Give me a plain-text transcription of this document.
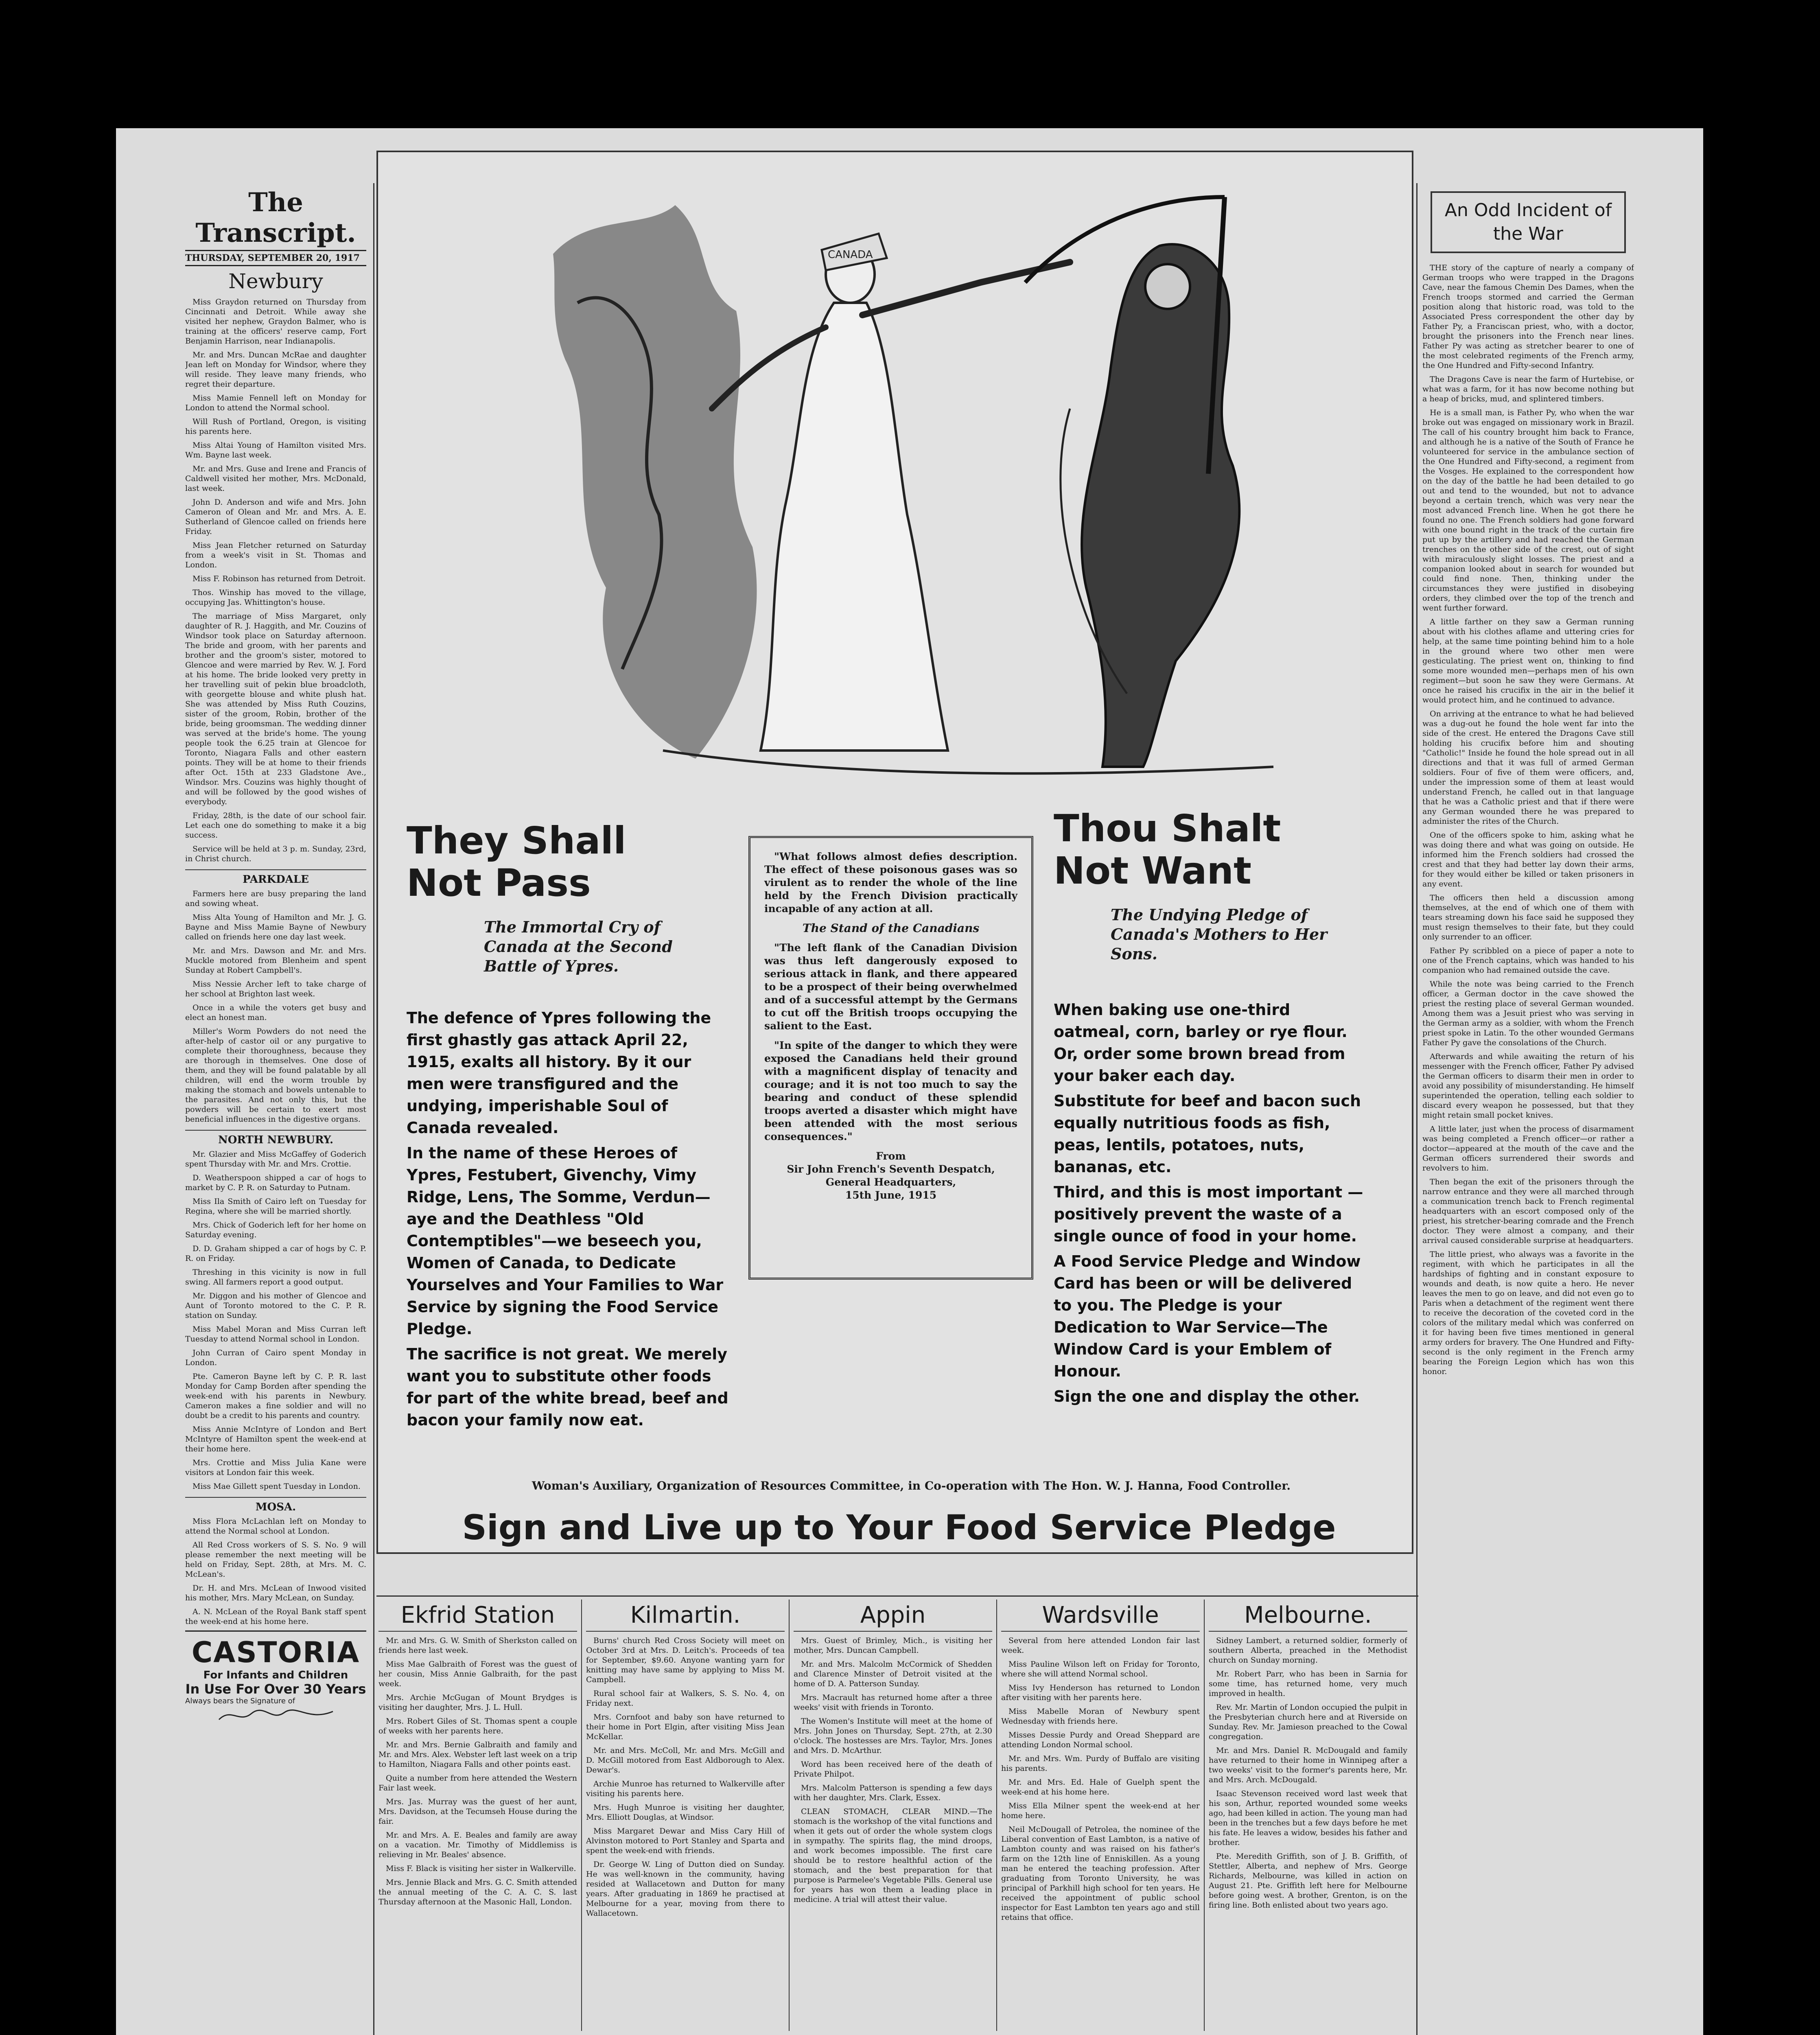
The Transcript.
THURSDAY, SEPTEMBER 20, 1917
Newbury

Miss Graydon returned on Thursday from Cincinnati and Detroit. While away she visited her nephew, Graydon Balmer, who is training at the officers' reserve camp, Fort Benjamin Harrison, near Indianapolis.

Mr. and Mrs. Duncan McRae and daughter Jean left on Monday for Windsor, where they will reside. They leave many friends, who regret their departure.

Miss Mamie Fennell left on Monday for London to attend the Normal school.

Will Rush of Portland, Oregon, is visiting his parents here.

Miss Altai Young of Hamilton visited Mrs. Wm. Bayne last week.

Mr. and Mrs. Guse and Irene and Francis of Caldwell visited her mother, Mrs. McDonald, last week.

John D. Anderson and wife and Mrs. John Cameron of Olean and Mr. and Mrs. A. E. Sutherland of Glencoe called on friends here Friday.

Miss Jean Fletcher returned on Saturday from a week's visit in St. Thomas and London.

Miss F. Robinson has returned from Detroit.

Thos. Winship has moved to the village, occupying Jas. Whittington's house.

The marriage of Miss Margaret, only daughter of R. J. Haggith, and Mr. Couzins of Windsor took place on Saturday afternoon. The bride and groom, with her parents and brother and the groom's sister, motored to Glencoe and were married by Rev. W. J. Ford at his home. The bride looked very pretty in her travelling suit of pekin blue broadcloth, with georgette blouse and white plush hat. She was attended by Miss Ruth Couzins, sister of the groom, Robin, brother of the bride, being groomsman. The wedding dinner was served at the bride's home. The young people took the 6.25 train at Glencoe for Toronto, Niagara Falls and other eastern points. They will be at home to their friends after Oct. 15th at 233 Gladstone Ave., Windsor. Mrs. Couzins was highly thought of and will be followed by the good wishes of everybody.

Friday, 28th, is the date of our school fair. Let each one do something to make it a big success.

Service will be held at 3 p. m. Sunday, 23rd, in Christ church.

PARKDALE

Farmers here are busy preparing the land and sowing wheat.

Miss Alta Young of Hamilton and Mr. J. G. Bayne and Miss Mamie Bayne of Newbury called on friends here one day last week.

Mr. and Mrs. Dawson and Mr. and Mrs. Muckle motored from Blenheim and spent Sunday at Robert Campbell's.

Miss Nessie Archer left to take charge of her school at Brighton last week.

Once in a while the voters get busy and elect an honest man.

Miller's Worm Powders do not need the after-help of castor oil or any purgative to complete their thoroughness, because they are thorough in themselves. One dose of them, and they will be found palatable by all children, will end the worm trouble by making the stomach and bowels untenable to the parasites. And not only this, but the powders will be certain to exert most beneficial influences in the digestive organs.

NORTH NEWBURY.

Mr. Glazier and Miss McGaffey of Goderich spent Thursday with Mr. and Mrs. Crottie.

D. Weatherspoon shipped a car of hogs to market by C. P. R. on Saturday to Putnam.

Miss Ila Smith of Cairo left on Tuesday for Regina, where she will be married shortly.

Mrs. Chick of Goderich left for her home on Saturday evening.

D. D. Graham shipped a car of hogs by C. P. R. on Friday.

Threshing in this vicinity is now in full swing. All farmers report a good output.

Mr. Diggon and his mother of Glencoe and Aunt of Toronto motored to the C. P. R. station on Sunday.

Miss Mabel Moran and Miss Curran left Tuesday to attend Normal school in London.

John Curran of Cairo spent Monday in London.

Pte. Cameron Bayne left by C. P. R. last Monday for Camp Borden after spending the week-end with his parents in Newbury. Cameron makes a fine soldier and will no doubt be a credit to his parents and country.

Miss Annie McIntyre of London and Bert McIntyre of Hamilton spent the week-end at their home here.

Mrs. Crottie and Miss Julia Kane were visitors at London fair this week.

Miss Mae Gillett spent Tuesday in London.

MOSA.

Miss Flora McLachlan left on Monday to attend the Normal school at London.

All Red Cross workers of S. S. No. 9 will please remember the next meeting will be held on Friday, Sept. 28th, at Mrs. M. C. McLean's.

Dr. H. and Mrs. McLean of Inwood visited his mother, Mrs. Mary McLean, on Sunday.

A. N. McLean of the Royal Bank staff spent the week-end at his home here.

CASTORIA
For Infants and Children
In Use For Over 30 Years
Always bears the Signature of
CANADA
They Shall Not Pass
The Immortal Cry of Canada at the Second Battle of Ypres.

The defence of Ypres following the first ghastly gas attack April 22, 1915, exalts all history. By it our men were transfigured and the undying, imperishable Soul of Canada revealed.

In the name of these Heroes of Ypres, Festubert, Givenchy, Vimy Ridge, Lens, The Somme, Verdun—aye and the Deathless "Old Contemptibles"—we beseech you, Women of Canada, to Dedicate Yourselves and Your Families to War Service by signing the Food Service Pledge.

The sacrifice is not great. We merely want you to substitute other foods for part of the white bread, beef and bacon your family now eat.

"What follows almost defies description. The effect of these poisonous gases was so virulent as to render the whole of the line held by the French Division practically incapable of any action at all.

The Stand of the Canadians

"The left flank of the Canadian Division was thus left dangerously exposed to serious attack in flank, and there appeared to be a prospect of their being overwhelmed and of a successful attempt by the Germans to cut off the British troops occupying the salient to the East.

"In spite of the danger to which they were exposed the Canadians held their ground with a magnificent display of tenacity and courage; and it is not too much to say the bearing and conduct of these splendid troops averted a disaster which might have been attended with the most serious consequences."

From

Sir John French's Seventh Despatch,

General Headquarters,

15th June, 1915

Thou Shalt Not Want
The Undying Pledge of Canada's Mothers to Her Sons.

When baking use one-third oatmeal, corn, barley or rye flour. Or, order some brown bread from your baker each day.

Substitute for beef and bacon such equally nutritious foods as fish, peas, lentils, potatoes, nuts, bananas, etc.

Third, and this is most important — positively prevent the waste of a single ounce of food in your home.

A Food Service Pledge and Window Card has been or will be delivered to you. The Pledge is your Dedication to War Service—The Window Card is your Emblem of Honour.

Sign the one and display the other.

Woman's Auxiliary, Organization of Resources Committee, in Co-operation with The Hon. W. J. Hanna, Food Controller.
Sign and Live up to Your Food Service Pledge
An Odd Incident of the War

THE story of the capture of nearly a company of German troops who were trapped in the Dragons Cave, near the famous Chemin Des Dames, when the French troops stormed and carried the German position along that historic road, was told to the Associated Press correspondent the other day by Father Py, a Franciscan priest, who, with a doctor, brought the prisoners into the French near lines. Father Py was acting as stretcher bearer to one of the most celebrated regiments of the French army, the One Hundred and Fifty-second Infantry.

The Dragons Cave is near the farm of Hurtebise, or what was a farm, for it has now become nothing but a heap of bricks, mud, and splintered timbers.

He is a small man, is Father Py, who when the war broke out was engaged on missionary work in Brazil. The call of his country brought him back to France, and although he is a native of the South of France he volunteered for service in the ambulance section of the One Hundred and Fifty-second, a regiment from the Vosges. He explained to the correspondent how on the day of the battle he had been detailed to go out and tend to the wounded, but not to advance beyond a certain trench, which was very near the most advanced French line. When he got there he found no one. The French soldiers had gone forward with one bound right in the track of the curtain fire put up by the artillery and had reached the German trenches on the other side of the crest, out of sight with miraculously slight losses. The priest and a companion looked about in search for wounded but could find none. Then, thinking under the circumstances they were justified in disobeying orders, they climbed over the top of the trench and went further forward.

A little farther on they saw a German running about with his clothes aflame and uttering cries for help, at the same time pointing behind him to a hole in the ground where two other men were gesticulating. The priest went on, thinking to find some more wounded men—perhaps men of his own regiment—but soon he saw they were Germans. At once he raised his crucifix in the air in the belief it would protect him, and he continued to advance.

On arriving at the entrance to what he had believed was a dug-out he found the hole went far into the side of the crest. He entered the Dragons Cave still holding his crucifix before him and shouting "Catholic!" Inside he found the hole spread out in all directions and that it was full of armed German soldiers. Four of five of them were officers, and, under the impression some of them at least would understand French, he called out in that language that he was a Catholic priest and that if there were any German wounded there he was prepared to administer the rites of the Church.

One of the officers spoke to him, asking what he was doing there and what was going on outside. He informed him the French soldiers had crossed the crest and that they had better lay down their arms, for they would either be killed or taken prisoners in any event.

The officers then held a discussion among themselves, at the end of which one of them with tears streaming down his face said he supposed they must resign themselves to their fate, but they could only surrender to an officer.

Father Py scribbled on a piece of paper a note to one of the French captains, which was handed to his companion who had remained outside the cave.

While the note was being carried to the French officer, a German doctor in the cave showed the priest the resting place of several German wounded. Among them was a Jesuit priest who was serving in the German army as a soldier, with whom the French priest spoke in Latin. To the other wounded Germans Father Py gave the consolations of the Church.

Afterwards and while awaiting the return of his messenger with the French officer, Father Py advised the German officers to disarm their men in order to avoid any possibility of misunderstanding. He himself superintended the operation, telling each soldier to discard every weapon he possessed, but that they might retain small pocket knives.

A little later, just when the process of disarmament was being completed a French officer—or rather a doctor—appeared at the mouth of the cave and the German officers surrendered their swords and revolvers to him.

Then began the exit of the prisoners through the narrow entrance and they were all marched through a communication trench back to French regimental headquarters with an escort composed only of the priest, his stretcher-bearing comrade and the French doctor. They were almost a company, and their arrival caused considerable surprise at headquarters.

The little priest, who always was a favorite in the regiment, with which he participates in all the hardships of fighting and in constant exposure to wounds and death, is now quite a hero. He never leaves the men to go on leave, and did not even go to Paris when a detachment of the regiment went there to receive the decoration of the coveted cord in the colors of the military medal which was conferred on it for having been five times mentioned in general army orders for bravery. The One Hundred and Fifty-second is the only regiment in the French army bearing the Foreign Legion which has won this honor.

Ekfrid Station

Mr. and Mrs. G. W. Smith of Sherkston called on friends here last week.

Miss Mae Galbraith of Forest was the guest of her cousin, Miss Annie Galbraith, for the past week.

Mrs. Archie McGugan of Mount Brydges is visiting her daughter, Mrs. J. L. Hull.

Mrs. Robert Giles of St. Thomas spent a couple of weeks with her parents here.

Mr. and Mrs. Bernie Galbraith and family and Mr. and Mrs. Alex. Webster left last week on a trip to Hamilton, Niagara Falls and other points east.

Quite a number from here attended the Western Fair last week.

Mrs. Jas. Murray was the guest of her aunt, Mrs. Davidson, at the Tecumseh House during the fair.

Mr. and Mrs. A. E. Beales and family are away on a vacation. Mr. Timothy of Middlemiss is relieving in Mr. Beales' absence.

Miss F. Black is visiting her sister in Walkerville.

Mrs. Jennie Black and Mrs. G. C. Smith attended the annual meeting of the C. A. C. S. last Thursday afternoon at the Masonic Hall, London.

Kilmartin.

Burns' church Red Cross Society will meet on October 3rd at Mrs. D. Leitch's. Proceeds of tea for September, $9.60. Anyone wanting yarn for knitting may have same by applying to Miss M. Campbell.

Rural school fair at Walkers, S. S. No. 4, on Friday next.

Mrs. Cornfoot and baby son have returned to their home in Port Elgin, after visiting Miss Jean McKellar.

Mr. and Mrs. McColl, Mr. and Mrs. McGill and D. McGill motored from East Aldborough to Alex. Dewar's.

Archie Munroe has returned to Walkerville after visiting his parents here.

Mrs. Hugh Munroe is visiting her daughter, Mrs. Elliott Douglas, at Windsor.

Miss Margaret Dewar and Miss Cary Hill of Alvinston motored to Port Stanley and Sparta and spent the week-end with friends.

Dr. George W. Ling of Dutton died on Sunday. He was well-known in the community, having resided at Wallacetown and Dutton for many years. After graduating in 1869 he practised at Melbourne for a year, moving from there to Wallacetown.

Appin

Mrs. Guest of Brimley, Mich., is visiting her mother, Mrs. Duncan Campbell.

Mr. and Mrs. Malcolm McCormick of Shedden and Clarence Minster of Detroit visited at the home of D. A. Patterson Sunday.

Mrs. Macrault has returned home after a three weeks' visit with friends in Toronto.

The Women's Institute will meet at the home of Mrs. John Jones on Thursday, Sept. 27th, at 2.30 o'clock. The hostesses are Mrs. Taylor, Mrs. Jones and Mrs. D. McArthur.

Word has been received here of the death of Private Philpot.

Mrs. Malcolm Patterson is spending a few days with her daughter, Mrs. Clark, Essex.

CLEAN STOMACH, CLEAR MIND.—The stomach is the workshop of the vital functions and when it gets out of order the whole system clogs in sympathy. The spirits flag, the mind droops, and work becomes impossible. The first care should be to restore healthful action of the stomach, and the best preparation for that purpose is Parmelee's Vegetable Pills. General use for years has won them a leading place in medicine. A trial will attest their value.

Wardsville

Several from here attended London fair last week.

Miss Pauline Wilson left on Friday for Toronto, where she will attend Normal school.

Miss Ivy Henderson has returned to London after visiting with her parents here.

Miss Mabelle Moran of Newbury spent Wednesday with friends here.

Misses Dessie Purdy and Oread Sheppard are attending London Normal school.

Mr. and Mrs. Wm. Purdy of Buffalo are visiting his parents.

Mr. and Mrs. Ed. Hale of Guelph spent the week-end at his home here.

Miss Ella Milner spent the week-end at her home here.

Neil McDougall of Petrolea, the nominee of the Liberal convention of East Lambton, is a native of Lambton county and was raised on his father's farm on the 12th line of Enniskillen. As a young man he entered the teaching profession. After graduating from Toronto University, he was principal of Parkhill high school for ten years. He received the appointment of public school inspector for East Lambton ten years ago and still retains that office.

Melbourne.

Sidney Lambert, a returned soldier, formerly of southern Alberta, preached in the Methodist church on Sunday morning.

Mr. Robert Parr, who has been in Sarnia for some time, has returned home, very much improved in health.

Rev. Mr. Martin of London occupied the pulpit in the Presbyterian church here and at Riverside on Sunday. Rev. Mr. Jamieson preached to the Cowal congregation.

Mr. and Mrs. Daniel R. McDougald and family have returned to their home in Winnipeg after a two weeks' visit to the former's parents here, Mr. and Mrs. Arch. McDougald.

Isaac Stevenson received word last week that his son, Arthur, reported wounded some weeks ago, had been killed in action. The young man had been in the trenches but a few days before he met his fate. He leaves a widow, besides his father and brother.

Pte. Meredith Griffith, son of J. B. Griffith, of Stettler, Alberta, and nephew of Mrs. George Richards, Melbourne, was killed in action on August 21. Pte. Griffith left here for Melbourne before going west. A brother, Grenton, is on the firing line. Both enlisted about two years ago.
